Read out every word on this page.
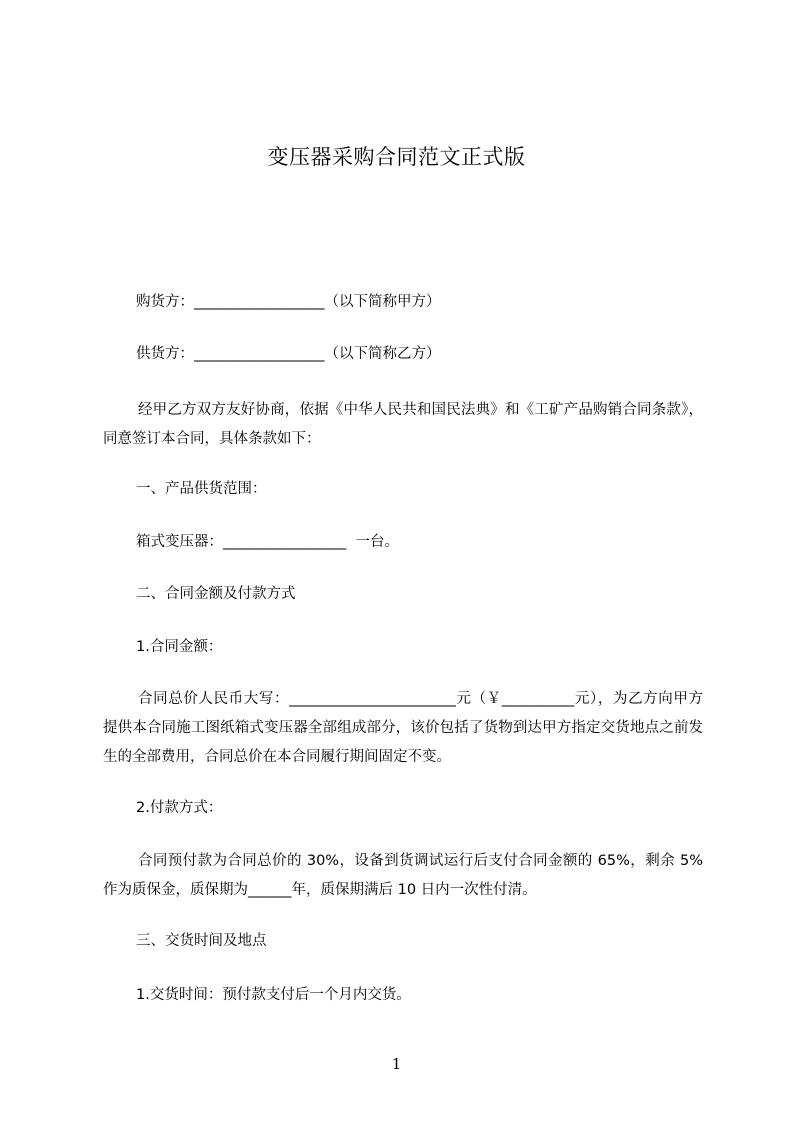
变压器采购合同范文正式版
购货方：__________________（以下简称甲方）
供货方：__________________（以下简称乙方）
经甲乙方双方友好协商，依据《中华人民共和国民法典》和《工矿产品购销合同条款》，同意签订本合同，具体条款如下：
一、产品供货范围：
箱式变压器：_________________  一台。
二、合同金额及付款方式
1.合同金额：
合同总价人民币大写：_______________________元（￥__________元），为乙方向甲方提供本合同施工图纸箱式变压器全部组成部分，该价包括了货物到达甲方指定交货地点之前发生的全部费用，合同总价在本合同履行期间固定不变。
2.付款方式：
合同预付款为合同总价的 30%，设备到货调试运行后支付合同金额的 65%，剩余 5%作为质保金，质保期为______年，质保期满后 10 日内一次性付清。
三、交货时间及地点
1.交货时间：预付款支付后一个月内交货。
1
